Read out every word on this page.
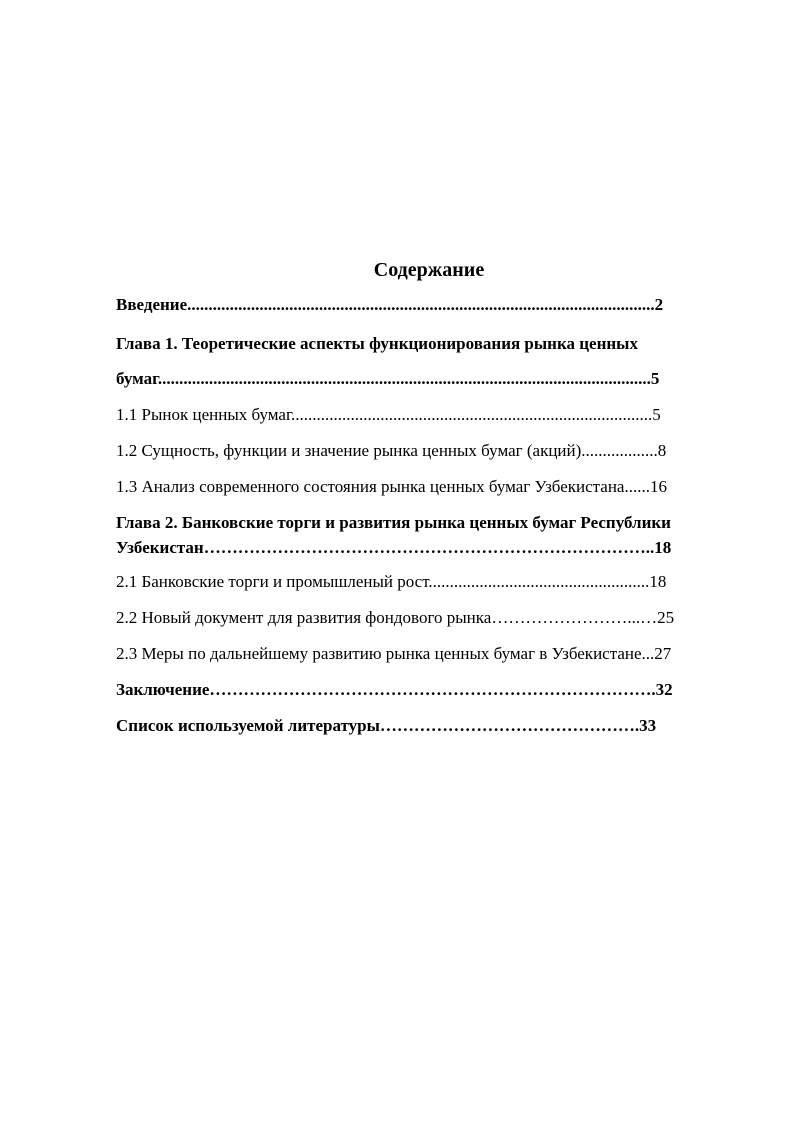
Содержание
Введение..............................................................................................................2
Глава 1. Теоретические аспекты функционирования рынка ценных
бумаг....................................................................................................................5
1.1 Рынок ценных бумаг.....................................................................................5
1.2 Сущность, функции и значение рынка ценных бумаг (акций)..................8
1.3 Анализ современного состояния рынка ценных бумаг Узбекистана......16
Глава 2. Банковские торги и развития рынка ценных бумаг Республики
Узбекистан……………………………………………………………………..18
2.1 Банковские торги и промышленый рост....................................................18
2.2 Новый документ для развития фондового рынка……………………...…25
2.3 Меры по дальнейшему развитию рынка ценных бумаг в Узбекистане...27
Заключение…………………………………………………………………….32
Список используемой литературы……………………………………….33
